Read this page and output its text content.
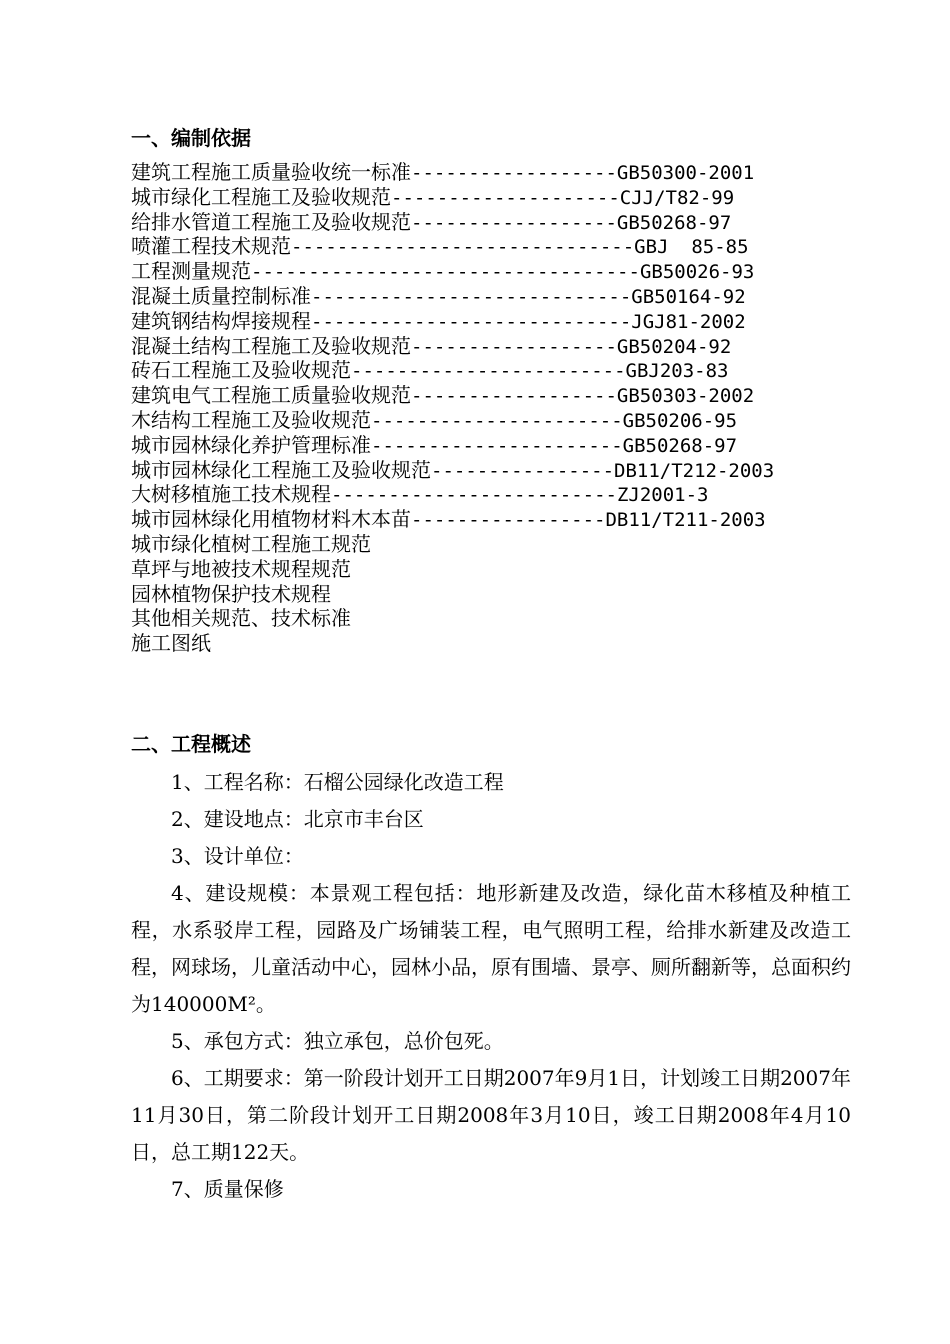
一、编制依据
建筑工程施工质量验收统一标准------------------GB50300-2001
城市绿化工程施工及验收规范--------------------CJJ/T82-99
给排水管道工程施工及验收规范------------------GB50268-97
喷灌工程技术规范------------------------------GBJ  85-85
工程测量规范----------------------------------GB50026-93
混凝土质量控制标准----------------------------GB50164-92
建筑钢结构焊接规程----------------------------JGJ81-2002
混凝土结构工程施工及验收规范------------------GB50204-92
砖石工程施工及验收规范------------------------GBJ203-83
建筑电气工程施工质量验收规范------------------GB50303-2002
木结构工程施工及验收规范----------------------GB50206-95
城市园林绿化养护管理标准----------------------GB50268-97
城市园林绿化工程施工及验收规范----------------DB11/T212-2003
大树移植施工技术规程-------------------------ZJ2001-3
城市园林绿化用植物材料木本苗-----------------DB11/T211-2003
城市绿化植树工程施工规范
草坪与地被技术规程规范
园林植物保护技术规程
其他相关规范、技术标准
施工图纸
二、工程概述

1、工程名称：石榴公园绿化改造工程

2、建设地点：北京市丰台区

3、设计单位：

4、建设规模：本景观工程包括：地形新建及改造，绿化苗木移植及种植工程，水系驳岸工程，园路及广场铺装工程，电气照明工程，给排水新建及改造工程，网球场，儿童活动中心，园林小品，原有围墙、景亭、厕所翻新等，总面积约为140000M²。

5、承包方式：独立承包，总价包死。

6、工期要求：第一阶段计划开工日期2007年9月1日，计划竣工日期2007年11月30日，第二阶段计划开工日期2008年3月10日，竣工日期2008年4月10日，总工期122天。

7、质量保修
